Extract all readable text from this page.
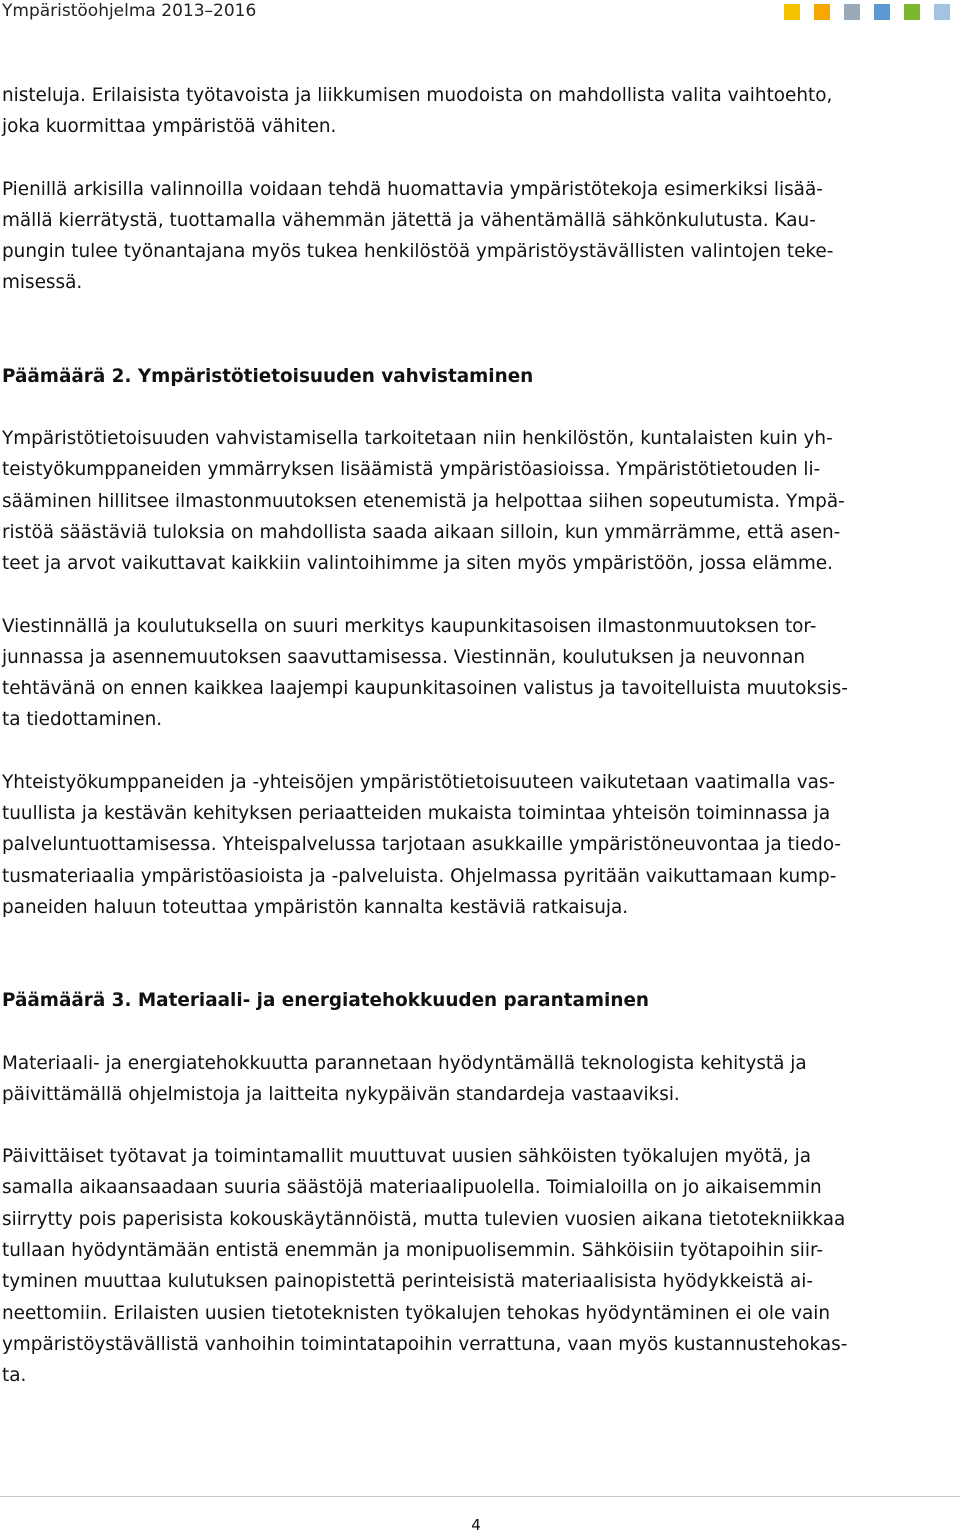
Ympäristöohjelma 2013–2016

nisteluja. Erilaisista työtavoista ja liikkumisen muodoista on mahdollista valita vaihtoehto,

joka kuormittaa ympäristöä vähiten.

Pienillä arkisilla valinnoilla voidaan tehdä huomattavia ympäristötekoja esimerkiksi lisää-

mällä kierrätystä, tuottamalla vähemmän jätettä ja vähentämällä sähkönkulutusta. Kau-

pungin tulee työnantajana myös tukea henkilöstöä ympäristöystävällisten valintojen teke-

misessä.

Päämäärä 2. Ympäristötietoisuuden vahvistaminen

Ympäristötietoisuuden vahvistamisella tarkoitetaan niin henkilöstön, kuntalaisten kuin yh-

teistyökumppaneiden ymmärryksen lisäämistä ympäristöasioissa. Ympäristötietouden li-

sääminen hillitsee ilmastonmuutoksen etenemistä ja helpottaa siihen sopeutumista. Ympä-

ristöä säästäviä tuloksia on mahdollista saada aikaan silloin, kun ymmärrämme, että asen-

teet ja arvot vaikuttavat kaikkiin valintoihimme ja siten myös ympäristöön, jossa elämme.

Viestinnällä ja koulutuksella on suuri merkitys kaupunkitasoisen ilmastonmuutoksen tor-

junnassa ja asennemuutoksen saavuttamisessa. Viestinnän, koulutuksen ja neuvonnan

tehtävänä on ennen kaikkea laajempi kaupunkitasoinen valistus ja tavoitelluista muutoksis-

ta tiedottaminen.

Yhteistyökumppaneiden ja -yhteisöjen ympäristötietoisuuteen vaikutetaan vaatimalla vas-

tuullista ja kestävän kehityksen periaatteiden mukaista toimintaa yhteisön toiminnassa ja

palveluntuottamisessa. Yhteispalvelussa tarjotaan asukkaille ympäristöneuvontaa ja tiedo-

tusmateriaalia ympäristöasioista ja -palveluista. Ohjelmassa pyritään vaikuttamaan kump-

paneiden haluun toteuttaa ympäristön kannalta kestäviä ratkaisuja.

Päämäärä 3. Materiaali- ja energiatehokkuuden parantaminen

Materiaali- ja energiatehokkuutta parannetaan hyödyntämällä teknologista kehitystä ja

päivittämällä ohjelmistoja ja laitteita nykypäivän standardeja vastaaviksi.

Päivittäiset työtavat ja toimintamallit muuttuvat uusien sähköisten työkalujen myötä, ja

samalla aikaansaadaan suuria säästöjä materiaalipuolella. Toimialoilla on jo aikaisemmin

siirrytty pois paperisista kokouskäytännöistä, mutta tulevien vuosien aikana tietotekniikkaa

tullaan hyödyntämään entistä enemmän ja monipuolisemmin. Sähköisiin työtapoihin siir-

tyminen muuttaa kulutuksen painopistettä perinteisistä materiaalisista hyödykkeistä ai-

neettomiin. Erilaisten uusien tietoteknisten työkalujen tehokas hyödyntäminen ei ole vain

ympäristöystävällistä vanhoihin toimintatapoihin verrattuna, vaan myös kustannustehokas-

ta.

4
